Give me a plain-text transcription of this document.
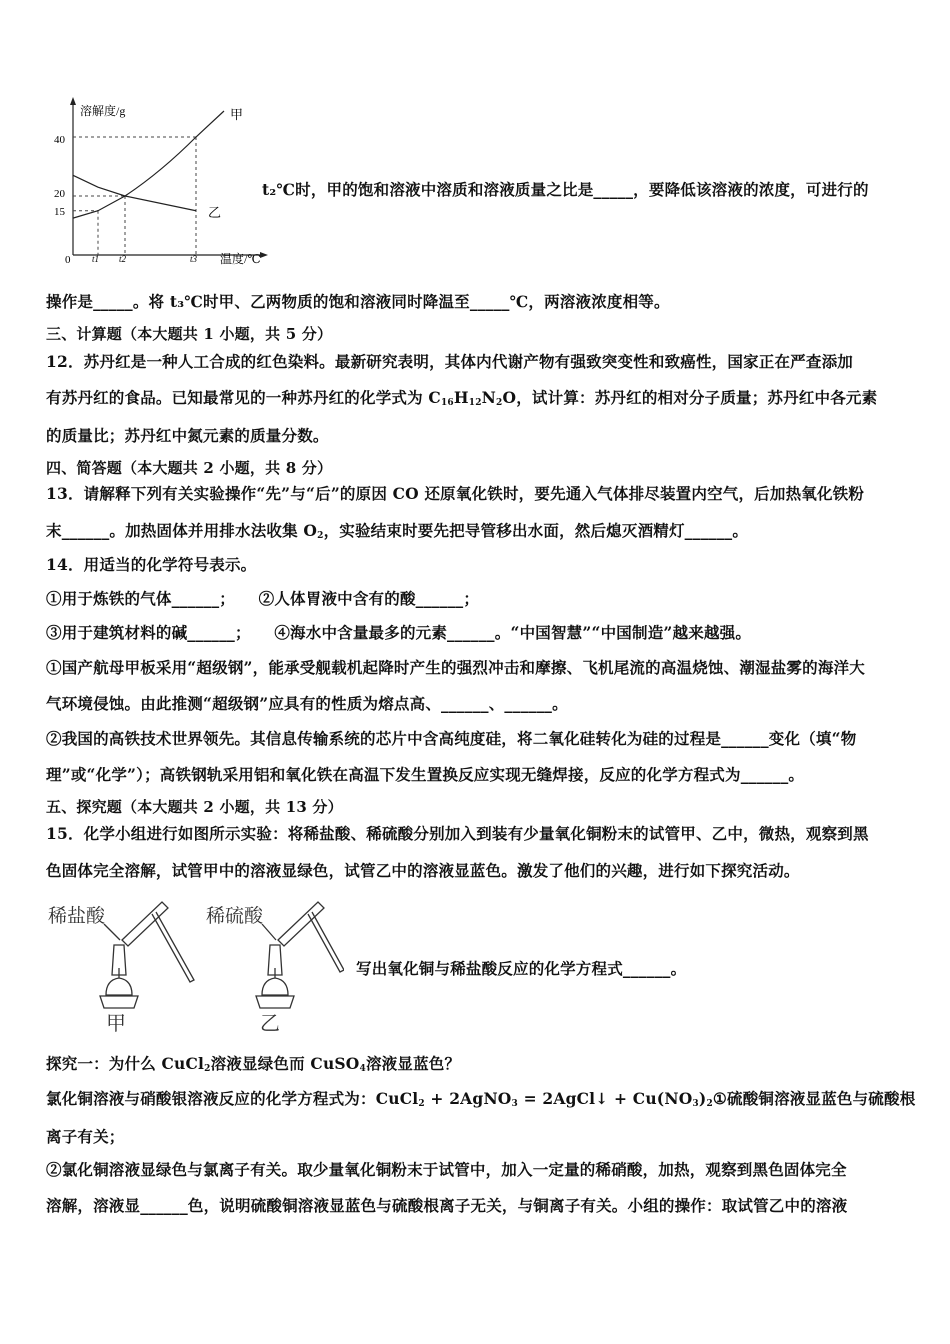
溶解度/g
温度/℃
0
40
20
15
t1 t2	t3
甲
乙
t₂℃时，甲的饱和溶液中溶质和溶液质量之比是_____，要降低该溶液的浓度，可进行的
操作是_____。将 t₃℃时甲、乙两物质的饱和溶液同时降温至_____℃，两溶液浓度相等。
三、计算题（本大题共 1 小题，共 5 分）
12．苏丹红是一种人工合成的红色染料。最新研究表明，其体内代谢产物有强致突变性和致癌性，国家正在严查添加
有苏丹红的食品。已知最常见的一种苏丹红的化学式为 $C_{16}H_{12}N_2O$，试计算：苏丹红的相对分子质量；苏丹红中各元素
的质量比；苏丹红中氮元素的质量分数。
四、简答题（本大题共 2 小题，共 8 分）
13．请解释下列有关实验操作“先”与“后”的原因 CO 还原氧化铁时，要先通入气体排尽装置内空气，后加热氧化铁粉
末______。加热固体并用排水法收集 $O_2$，实验结束时要先把导管移出水面，然后熄灭酒精灯______。
14．用适当的化学符号表示。
①用于炼铁的气体______；　　②人体胃液中含有的酸______；
③用于建筑材料的碱______；　　④海水中含量最多的元素______。“中国智慧”“中国制造”越来越强。
①国产航母甲板采用“超级钢”，能承受舰载机起降时产生的强烈冲击和摩擦、飞机尾流的高温烧蚀、潮湿盐雾的海洋大
气环境侵蚀。由此推测“超级钢”应具有的性质为熔点高、______、______。
②我国的高铁技术世界领先。其信息传输系统的芯片中含高纯度硅，将二氧化硅转化为硅的过程是______变化（填“物
理”或“化学”）；高铁钢轨采用铝和氧化铁在高温下发生置换反应实现无缝焊接，反应的化学方程式为______。
五、探究题（本大题共 2 小题，共 13 分）
15．化学小组进行如图所示实验：将稀盐酸、稀硫酸分别加入到装有少量氧化铜粉末的试管甲、乙中，微热，观察到黑
色固体完全溶解，试管甲中的溶液显绿色，试管乙中的溶液显蓝色。激发了他们的兴趣，进行如下探究活动。
稀盐酸	稀硫酸
甲	乙
写出氧化铜与稀盐酸反应的化学方程式______。
探究一：为什么 CuCl$_2$溶液显绿色而 CuSO$_4$溶液显蓝色？
氯化铜溶液与硝酸银溶液反应的化学方程式为：CuCl$_2$ + 2AgNO$_3$ = 2AgCl↓ + $Cu(NO_3)_2①$硫酸铜溶液显蓝色与硫酸根
离子有关；
②氯化铜溶液显绿色与氯离子有关。取少量氧化铜粉末于试管中，加入一定量的稀硝酸，加热，观察到黑色固体完全
溶解，溶液显______色，说明硫酸铜溶液显蓝色与硫酸根离子无关，与铜离子有关。小组的操作：取试管乙中的溶液
